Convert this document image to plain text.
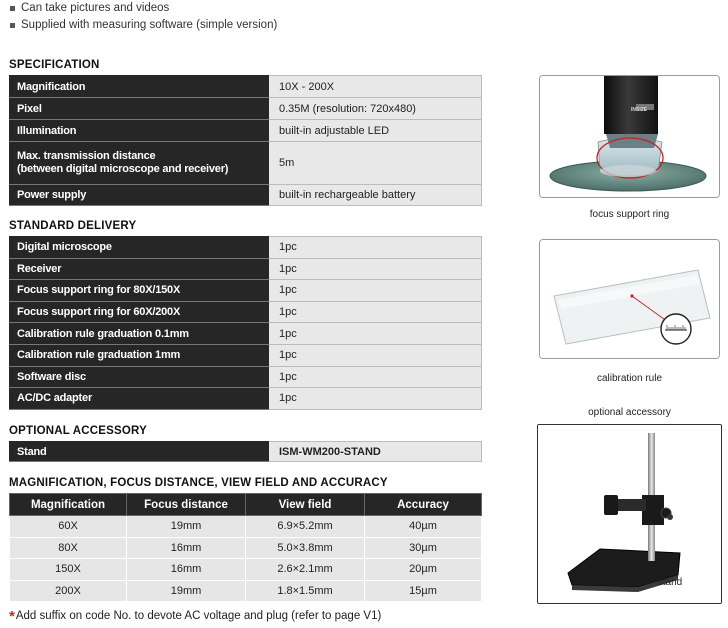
Can take pictures and videos
Supplied with measuring software (simple version)
SPECIFICATION
Magnification	10X - 200X
Pixel	0.35M (resolution: 720x480)
Illumination	built-in adjustable LED

Max. transmission distance
(between digital microscope and receiver)	5m
Power supply	built-in rechargeable battery
STANDARD DELIVERY
Digital microscope	1pc
Receiver	1pc
Focus support ring for 80X/150X	1pc
Focus support ring for 60X/200X	1pc
Calibration rule graduation 0.1mm	1pc
Calibration rule graduation 1mm	1pc
Software disc	1pc
AC/DC adapter	1pc
OPTIONAL ACCESSORY
Stand	ISM-WM200-STAND
MAGNIFICATION, FOCUS DISTANCE, VIEW FIELD AND ACCURACY
Magnification	Focus distance	View field	Accuracy
60X	19mm	6.9×5.2mm	40µm
80X	16mm	5.0×3.8mm	30µm
150X	16mm	2.6×2.1mm	20µm
200X	19mm	1.8×1.5mm	15µm
*Add suffix on code No. to devote AC voltage and plug (refer to page V1)
INSIZE
focus support ring
calibration rule
optional accessory
stand
